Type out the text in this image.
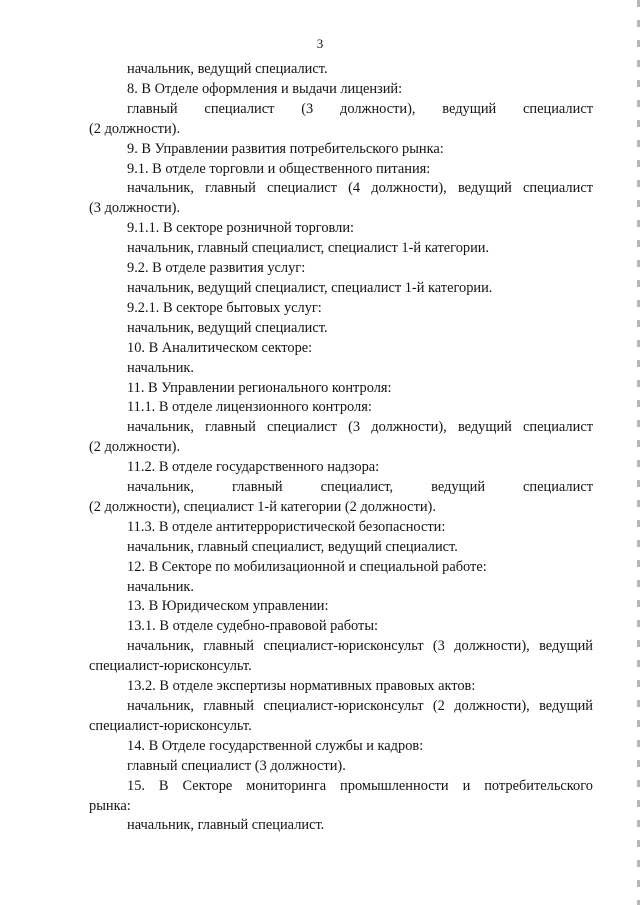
3
начальник, ведущий специалист.
8. В Отделе оформления и выдачи лицензий:
главный специалист (3 должности), ведущий специалист
(2 должности).
9. В Управлении развития потребительского рынка:
9.1. В отделе торговли и общественного питания:
начальник, главный специалист (4 должности), ведущий специалист
(3 должности).
9.1.1. В секторе розничной торговли:
начальник, главный специалист, специалист 1-й категории.
9.2. В отделе развития услуг:
начальник, ведущий специалист, специалист 1-й категории.
9.2.1. В секторе бытовых услуг:
начальник, ведущий специалист.
10. В Аналитическом секторе:
начальник.
11. В Управлении регионального контроля:
11.1. В отделе лицензионного контроля:
начальник, главный специалист (3 должности), ведущий специалист
(2 должности).
11.2. В отделе государственного надзора:
начальник, главный специалист, ведущий специалист
(2 должности), специалист 1-й категории (2 должности).
11.3. В отделе антитеррористической безопасности:
начальник, главный специалист, ведущий специалист.
12. В Секторе по мобилизационной и специальной работе:
начальник.
13. В Юридическом управлении:
13.1. В отделе судебно-правовой работы:
начальник, главный специалист-юрисконсульт (3 должности), ведущий
специалист-юрисконсульт.
13.2. В отделе экспертизы нормативных правовых актов:
начальник, главный специалист-юрисконсульт (2 должности), ведущий
специалист-юрисконсульт.
14. В Отделе государственной службы и кадров:
главный специалист (3 должности).
15. В Секторе мониторинга промышленности и потребительского
рынка:
начальник, главный специалист.
